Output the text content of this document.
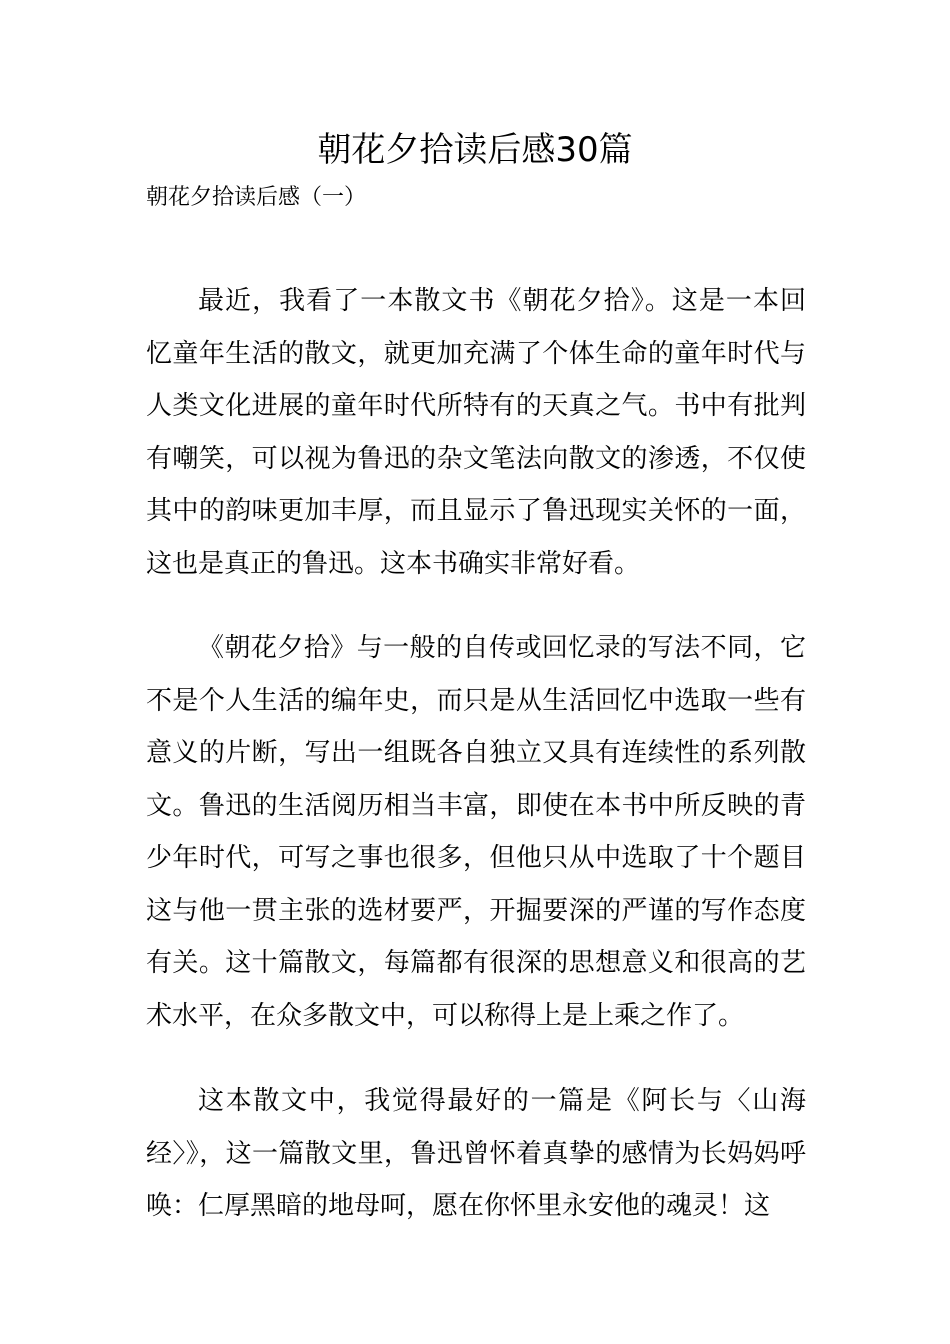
朝花夕拾读后感30篇

朝花夕拾读后感（一）

最近，我看了一本散文书《朝花夕拾》。这是一本回忆童年生活的散文，就更加充满了个体生命的童年时代与人类文化进展的童年时代所特有的天真之气。书中有批判有嘲笑，可以视为鲁迅的杂文笔法向散文的渗透，不仅使其中的韵味更加丰厚，而且显示了鲁迅现实关怀的一面，这也是真正的鲁迅。这本书确实非常好看。

《朝花夕拾》与一般的自传或回忆录的写法不同，它不是个人生活的编年史，而只是从生活回忆中选取一些有意义的片断，写出一组既各自独立又具有连续性的系列散文。鲁迅的生活阅历相当丰富，即使在本书中所反映的青少年时代，可写之事也很多，但他只从中选取了十个题目这与他一贯主张的选材要严，开掘要深的严谨的写作态度有关。这十篇散文，每篇都有很深的思想意义和很高的艺术水平，在众多散文中，可以称得上是上乘之作了。

这本散文中，我觉得最好的一篇是《阿长与〈山海经〉》，这一篇散文里，鲁迅曾怀着真挚的感情为长妈妈呼唤：仁厚黑暗的地母呵，愿在你怀里永安他的魂灵！这
